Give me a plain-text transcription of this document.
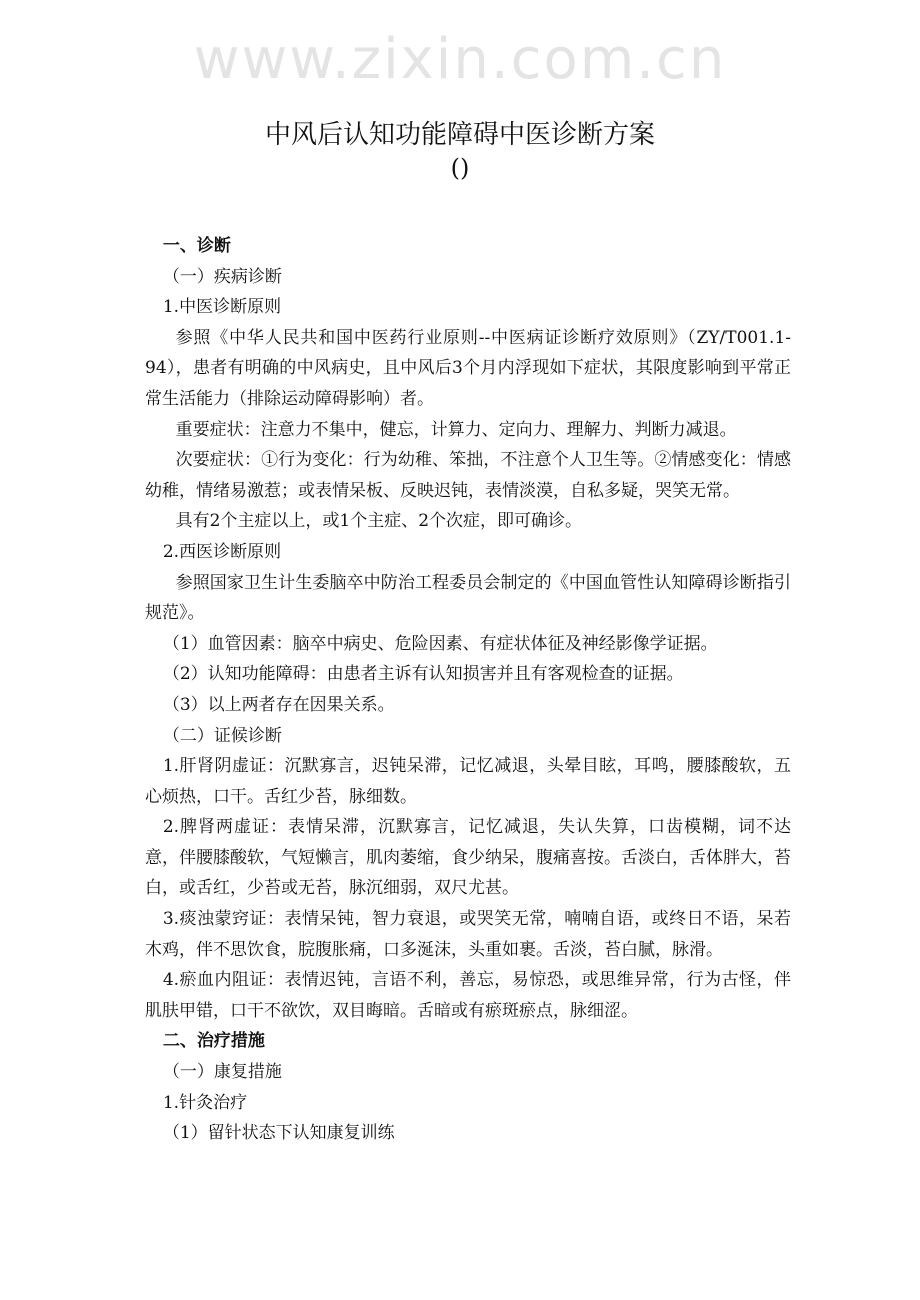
www.zixin.com.cn
中风后认知功能障碍中医诊断方案
()

一、诊断

（一）疾病诊断

1.中医诊断原则

参照《中华人民共和国中医药行业原则--中医病证诊断疗效原则》（ZY/T001.1-94），患者有明确的中风病史，且中风后3个月内浮现如下症状，其限度影响到平常正常生活能力（排除运动障碍影响）者。

重要症状：注意力不集中，健忘，计算力、定向力、理解力、判断力减退。

次要症状：①行为变化：行为幼稚、笨拙，不注意个人卫生等。②情感变化：情感幼稚，情绪易激惹；或表情呆板、反映迟钝，表情淡漠，自私多疑，哭笑无常。

具有2个主症以上，或1个主症、2个次症，即可确诊。

2.西医诊断原则

参照国家卫生计生委脑卒中防治工程委员会制定的《中国血管性认知障碍诊断指引规范》。

（1）血管因素：脑卒中病史、危险因素、有症状体征及神经影像学证据。

（2）认知功能障碍：由患者主诉有认知损害并且有客观检查的证据。

（3）以上两者存在因果关系。

（二）证候诊断

1.肝肾阴虚证：沉默寡言，迟钝呆滞，记忆减退，头晕目眩，耳鸣，腰膝酸软，五心烦热，口干。舌红少苔，脉细数。

2.脾肾两虚证：表情呆滞，沉默寡言，记忆减退，失认失算，口齿模糊，词不达意，伴腰膝酸软，气短懒言，肌肉萎缩，食少纳呆，腹痛喜按。舌淡白，舌体胖大，苔白，或舌红，少苔或无苔，脉沉细弱，双尺尤甚。

3.痰浊蒙窍证：表情呆钝，智力衰退，或哭笑无常，喃喃自语，或终日不语，呆若木鸡，伴不思饮食，脘腹胀痛，口多涎沫，头重如裹。舌淡，苔白腻，脉滑。

4.瘀血内阻证：表情迟钝，言语不利，善忘，易惊恐，或思维异常，行为古怪，伴肌肤甲错，口干不欲饮，双目晦暗。舌暗或有瘀斑瘀点，脉细涩。

二、治疗措施

（一）康复措施

1.针灸治疗

（1）留针状态下认知康复训练
